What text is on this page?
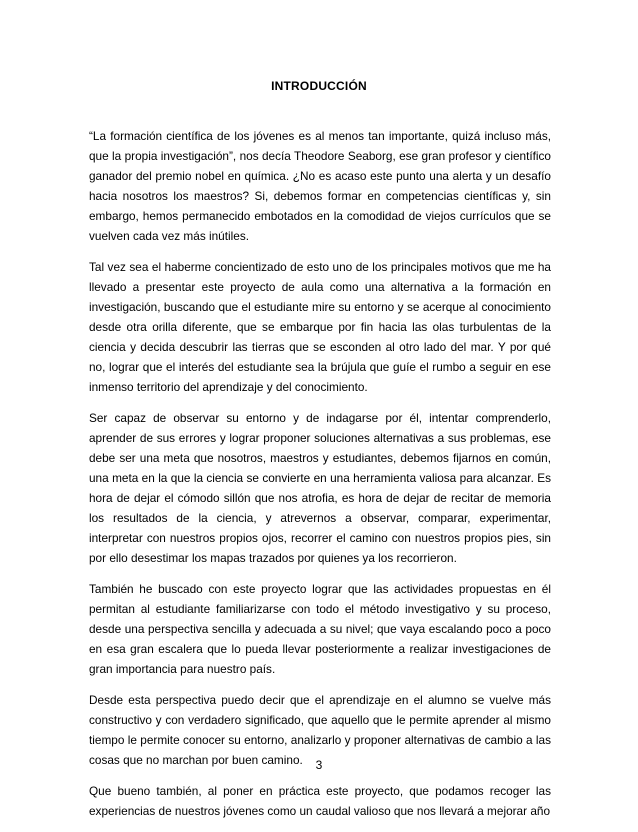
INTRODUCCIÓN

“La formación científica de los jóvenes es al menos tan importante, quizá incluso más, que la propia investigación”, nos decía Theodore Seaborg, ese gran profesor y científico ganador del premio nobel en química. ¿No es acaso este punto una alerta y un desafío hacia nosotros los maestros? Si, debemos formar en competencias científicas y, sin embargo, hemos permanecido embotados en la comodidad de viejos currículos que se vuelven cada vez más inútiles.

Tal vez sea el haberme concientizado de esto uno de los principales motivos que me ha llevado a presentar este proyecto de aula como una alternativa a la formación en investigación, buscando que el estudiante mire su entorno y se acerque al conocimiento desde otra orilla diferente, que se embarque por fin hacia las olas turbulentas de la ciencia y decida descubrir las tierras que se esconden al otro lado del mar. Y por qué no, lograr que el interés del estudiante sea la brújula que guíe el rumbo a seguir en ese inmenso territorio del aprendizaje y del conocimiento.

Ser capaz de observar su entorno y de indagarse por él, intentar comprenderlo, aprender de sus errores y lograr proponer soluciones alternativas a sus problemas, ese debe ser una meta que nosotros, maestros y estudiantes, debemos fijarnos en común, una meta en la que la ciencia se convierte en una herramienta valiosa para alcanzar. Es hora de dejar el cómodo sillón que nos atrofia, es hora de dejar de recitar de memoria los resultados de la ciencia, y atrevernos a observar, comparar, experimentar, interpretar con nuestros propios ojos, recorrer el camino con nuestros propios pies, sin por ello desestimar los mapas trazados por quienes ya los recorrieron.

También he buscado con este proyecto lograr que las actividades propuestas en él permitan al estudiante familiarizarse con todo el método investigativo y su proceso, desde una perspectiva sencilla y adecuada a su nivel; que vaya escalando poco a poco en esa gran escalera que lo pueda llevar posteriormente a realizar investigaciones de gran importancia para nuestro país.

Desde esta perspectiva puedo decir que el aprendizaje en el alumno se vuelve más constructivo y con verdadero significado, que aquello que le permite aprender al mismo tiempo le permite conocer su entorno, analizarlo y proponer alternativas de cambio a las cosas que no marchan por buen camino.

Que bueno también, al poner en práctica este proyecto, que podamos recoger las experiencias de nuestros jóvenes como un caudal valioso que nos llevará a mejorar año

3
